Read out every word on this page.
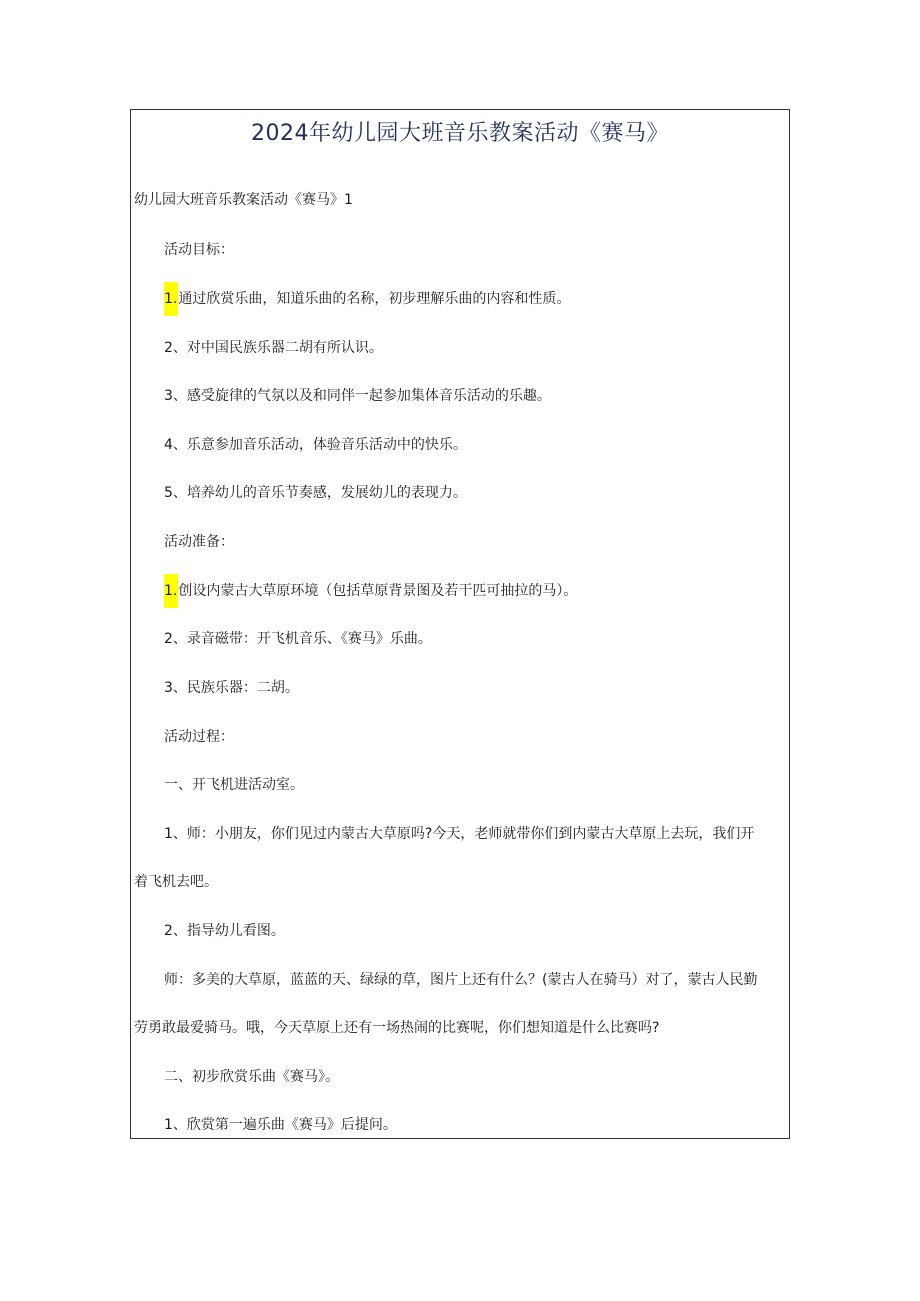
2024年幼儿园大班音乐教案活动《赛马》
幼儿园大班音乐教案活动《赛马》1
活动目标：
1.通过欣赏乐曲，知道乐曲的名称，初步理解乐曲的内容和性质。
2、对中国民族乐器二胡有所认识。
3、感受旋律的气氛以及和同伴一起参加集体音乐活动的乐趣。
4、乐意参加音乐活动，体验音乐活动中的快乐。
5、培养幼儿的音乐节奏感，发展幼儿的表现力。
活动准备：
1.创设内蒙古大草原环境（包括草原背景图及若干匹可抽拉的马）。
2、录音磁带：开飞机音乐、《赛马》乐曲。
3、民族乐器：二胡。
活动过程：
一、开飞机进活动室。
1、师：小朋友，你们见过内蒙古大草原吗?今天，老师就带你们到内蒙古大草原上去玩，我们开
着飞机去吧。
2、指导幼儿看图。
师：多美的大草原，蓝蓝的天、绿绿的草，图片上还有什么？(蒙古人在骑马）对了，蒙古人民勤
劳勇敢最爱骑马。哦，今天草原上还有一场热闹的比赛呢，你们想知道是什么比赛吗?
二、初步欣赏乐曲《赛马》。
1、欣赏第一遍乐曲《赛马》后提问。
